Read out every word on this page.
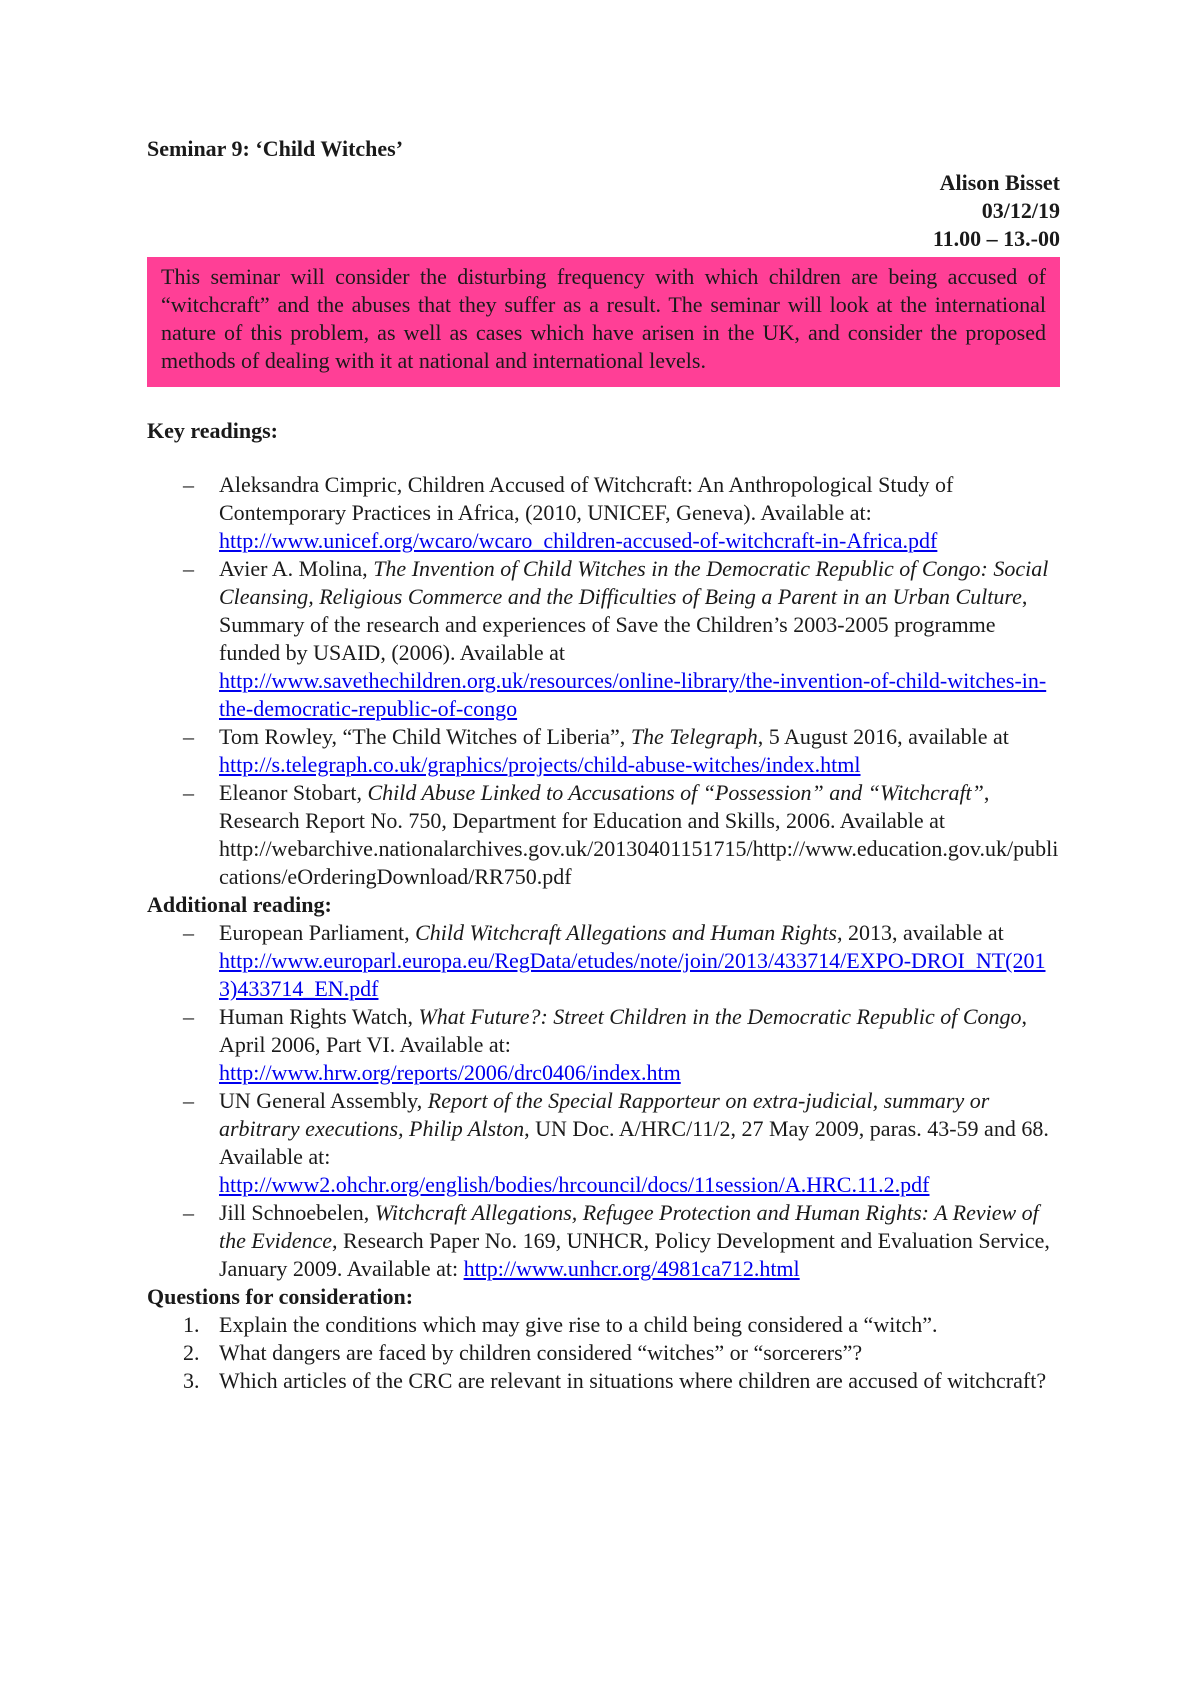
Seminar 9: ‘Child Witches’
Alison Bisset
03/12/19
11.00 – 13.-00
This seminar will consider the disturbing frequency with which children are being accused of “witchcraft” and the abuses that they suffer as a result. The seminar will look at the international nature of this problem, as well as cases which have arisen in the UK, and consider the proposed methods of dealing with it at national and international levels.
Key readings:
– Aleksandra Cimpric, Children Accused of Witchcraft: An Anthropological Study of Contemporary Practices in Africa, (2010, UNICEF, Geneva). Available at:
http://www.unicef.org/wcaro/wcaro_children-accused-of-witchcraft-in-Africa.pdf
– Avier A. Molina, The Invention of Child Witches in the Democratic Republic of Congo: Social Cleansing, Religious Commerce and the Difficulties of Being a Parent in an Urban Culture, Summary of the research and experiences of Save the Children’s 2003-2005 programme funded by USAID, (2006). Available at
http://www.savethechildren.org.uk/resources/online-library/the-invention-of-child-witches-in-the-democratic-republic-of-congo
– Tom Rowley, “The Child Witches of Liberia”, The Telegraph, 5 August 2016, available at http://s.telegraph.co.uk/graphics/projects/child-abuse-witches/index.html
– Eleanor Stobart, Child Abuse Linked to Accusations of “Possession” and “Witchcraft”, Research Report No. 750, Department for Education and Skills, 2006. Available at
http://webarchive.nationalarchives.gov.uk/20130401151715/http://www.education.gov.uk/publications/eOrderingDownload/RR750.pdf
Additional reading:
– European Parliament, Child Witchcraft Allegations and Human Rights, 2013, available at
http://www.europarl.europa.eu/RegData/etudes/note/join/2013/433714/EXPO-DROI_NT(2013)433714_EN.pdf
– Human Rights Watch, What Future?: Street Children in the Democratic Republic of Congo, April 2006, Part VI. Available at:
http://www.hrw.org/reports/2006/drc0406/index.htm
– UN General Assembly, Report of the Special Rapporteur on extra-judicial, summary or arbitrary executions, Philip Alston, UN Doc. A/HRC/11/2, 27 May 2009, paras. 43-59 and 68. Available at:
http://www2.ohchr.org/english/bodies/hrcouncil/docs/11session/A.HRC.11.2.pdf
– Jill Schnoebelen, Witchcraft Allegations, Refugee Protection and Human Rights: A Review of the Evidence, Research Paper No. 169, UNHCR, Policy Development and Evaluation Service, January 2009. Available at: http://www.unhcr.org/4981ca712.html
Questions for consideration:
Explain the conditions which may give rise to a child being considered a “witch”.
What dangers are faced by children considered “witches” or “sorcerers”?
Which articles of the CRC are relevant in situations where children are accused of witchcraft?
